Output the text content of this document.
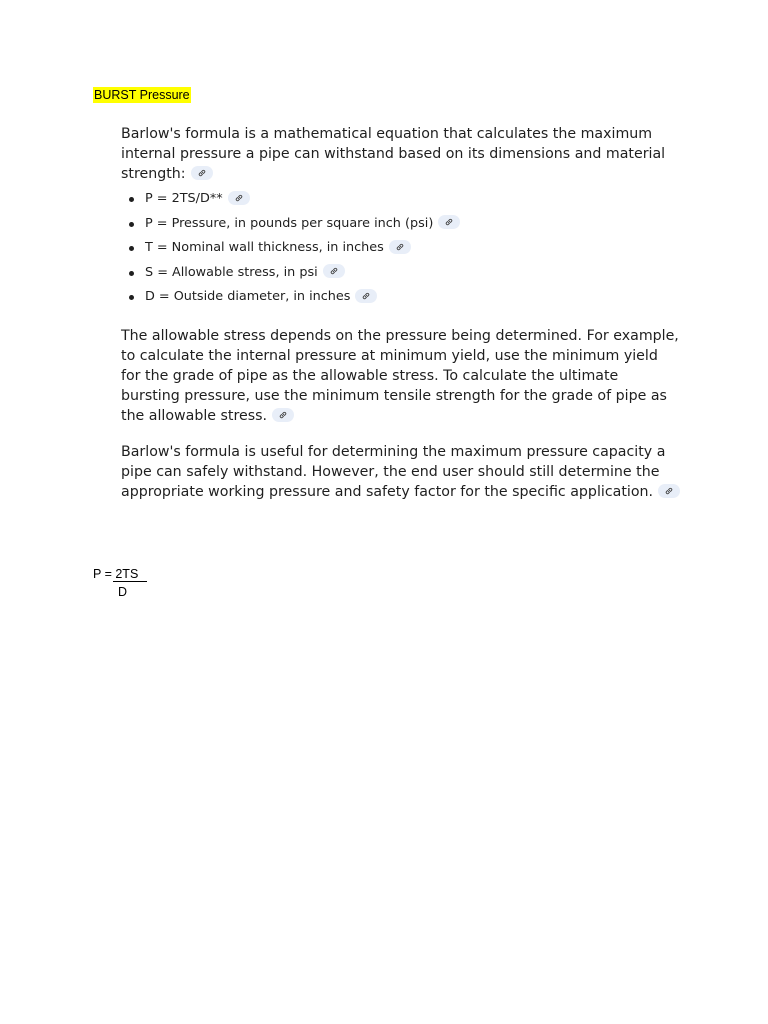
BURST Pressure

Barlow's formula is a mathematical equation that calculates the maximum internal pressure a pipe can withstand based on its dimensions and material strength:

P = 2TS/D**
P = Pressure, in pounds per square inch (psi)
T = Nominal wall thickness, in inches
S = Allowable stress, in psi
D = Outside diameter, in inches

The allowable stress depends on the pressure being determined. For example, to calculate the internal pressure at minimum yield, use the minimum yield for the grade of pipe as the allowable stress. To calculate the ultimate bursting pressure, use the minimum tensile strength for the grade of pipe as the allowable stress.

Barlow's formula is useful for determining the maximum pressure capacity a pipe can safely withstand. However, the end user should still determine the appropriate working pressure and safety factor for the specific application.

P = 2TS
D
